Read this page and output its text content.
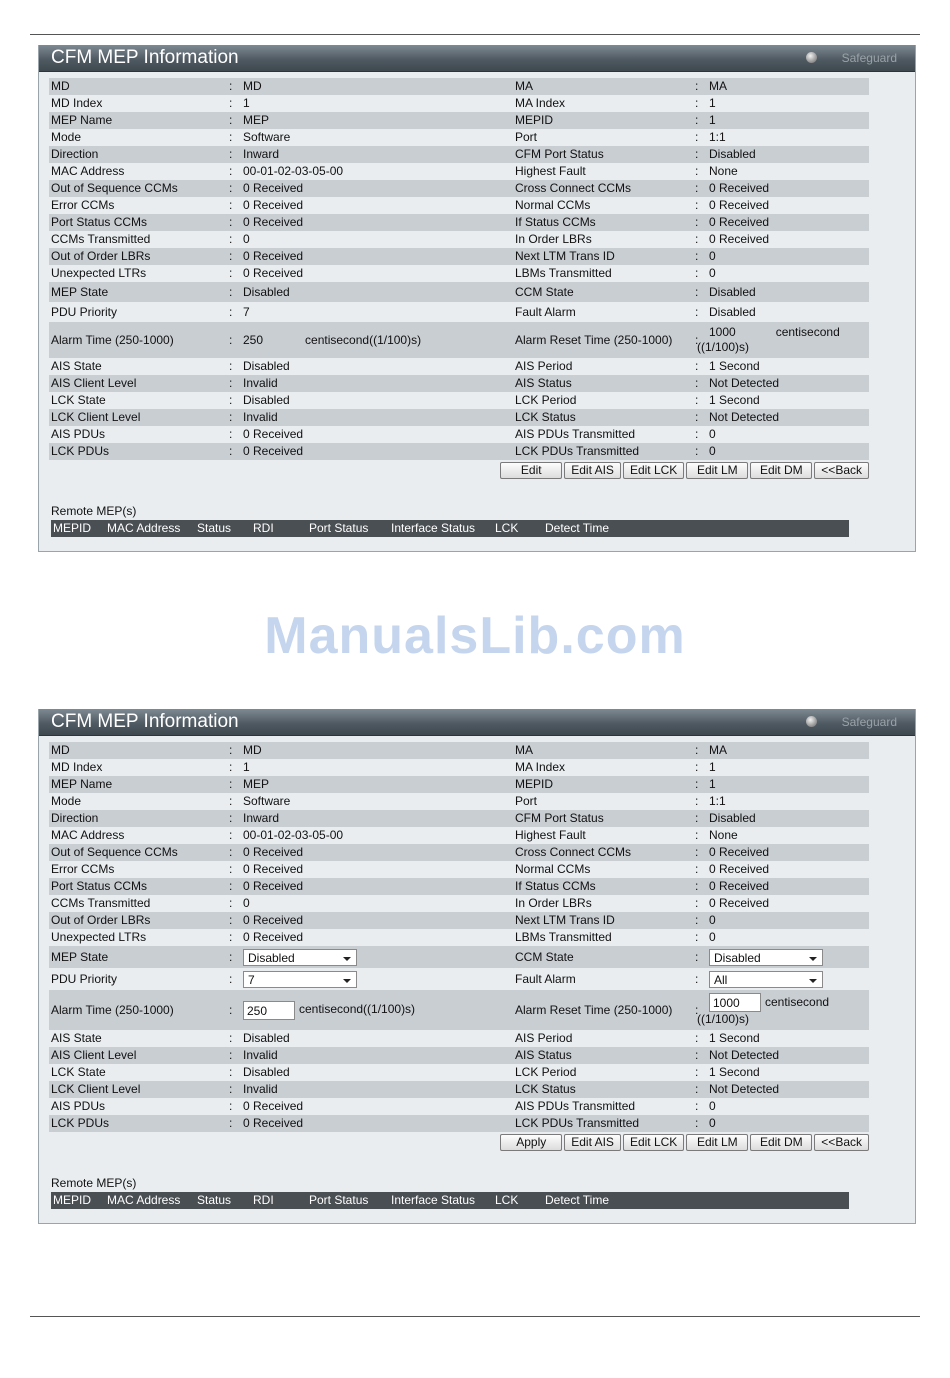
ManualsLib.com
CFM MEP Information	Safeguard
MD	:	MD	MA	:	MA
MD Index	:	1	MA Index	:	1
MEP Name	:	MEP	MEPID	:	1
Mode	:	Software	Port	:	1:1
Direction	:	Inward	CFM Port Status	:	Disabled
MAC Address	:	00-01-02-03-05-00	Highest Fault	:	None
Out of Sequence CCMs	:	0 Received	Cross Connect CCMs	:	0 Received
Error CCMs	:	0 Received	Normal CCMs	:	0 Received
Port Status CCMs	:	0 Received	If Status CCMs	:	0 Received
CCMs Transmitted	:	0	In Order LBRs	:	0 Received
Out of Order LBRs	:	0 Received	Next LTM Trans ID	:	0
Unexpected LTRs	:	0 Received	LBMs Transmitted	:	0
MEP State	:	Disabled	CCM State	:	Disabled
PDU Priority	:	7	Fault Alarm	:	Disabled
Alarm Time (250-1000)	:	250 centisecond((1/100)s)	Alarm Reset Time (250-1000)	:	1000 centisecond
((1/100)s)

AIS State	:	Disabled	AIS Period	:	1 Second
AIS Client Level	:	Invalid	AIS Status	:	Not Detected
LCK State	:	Disabled	LCK Period	:	1 Second
LCK Client Level	:	Invalid	LCK Status	:	Not Detected
AIS PDUs	:	0 Received	AIS PDUs Transmitted	:	0
LCK PDUs	:	0 Received	LCK PDUs Transmitted	:	0
Edit Edit AIS Edit LCK Edit LM Edit DM <<Back
Remote MEP(s)
MEPID MAC Address Status RDI	Port Status Interface Status LCK Detect Time
CFM MEP Information	Safeguard
MD	:	MD	MA	:	MA
MD Index	:	1	MA Index	:	1
MEP Name	:	MEP	MEPID	:	1
Mode	:	Software	Port	:	1:1
Direction	:	Inward	CFM Port Status	:	Disabled
MAC Address	:	00-01-02-03-05-00	Highest Fault	:	None
Out of Sequence CCMs	:	0 Received	Cross Connect CCMs	:	0 Received
Error CCMs	:	0 Received	Normal CCMs	:	0 Received
Port Status CCMs	:	0 Received	If Status CCMs	:	0 Received
CCMs Transmitted	:	0	In Order LBRs	:	0 Received
Out of Order LBRs	:	0 Received	Next LTM Trans ID	:	0
Unexpected LTRs	:	0 Received	LBMs Transmitted	:	0
MEP State	:	Disabled	CCM State	:	Disabled

PDU Priority	:	7	Fault Alarm	:	All

Alarm Time (250-1000)	:	250 centisecond((1/100)s)	Alarm Reset Time (250-1000)	:	1000 centisecond
((1/100)s)

AIS State	:	Disabled	AIS Period	:	1 Second
AIS Client Level	:	Invalid	AIS Status	:	Not Detected
LCK State	:	Disabled	LCK Period	:	1 Second
LCK Client Level	:	Invalid	LCK Status	:	Not Detected
AIS PDUs	:	0 Received	AIS PDUs Transmitted	:	0
LCK PDUs	:	0 Received	LCK PDUs Transmitted	:	0
Apply Edit AIS Edit LCK Edit LM Edit DM <<Back
Remote MEP(s)
MEPID MAC Address Status RDI	Port Status Interface Status LCK Detect Time
